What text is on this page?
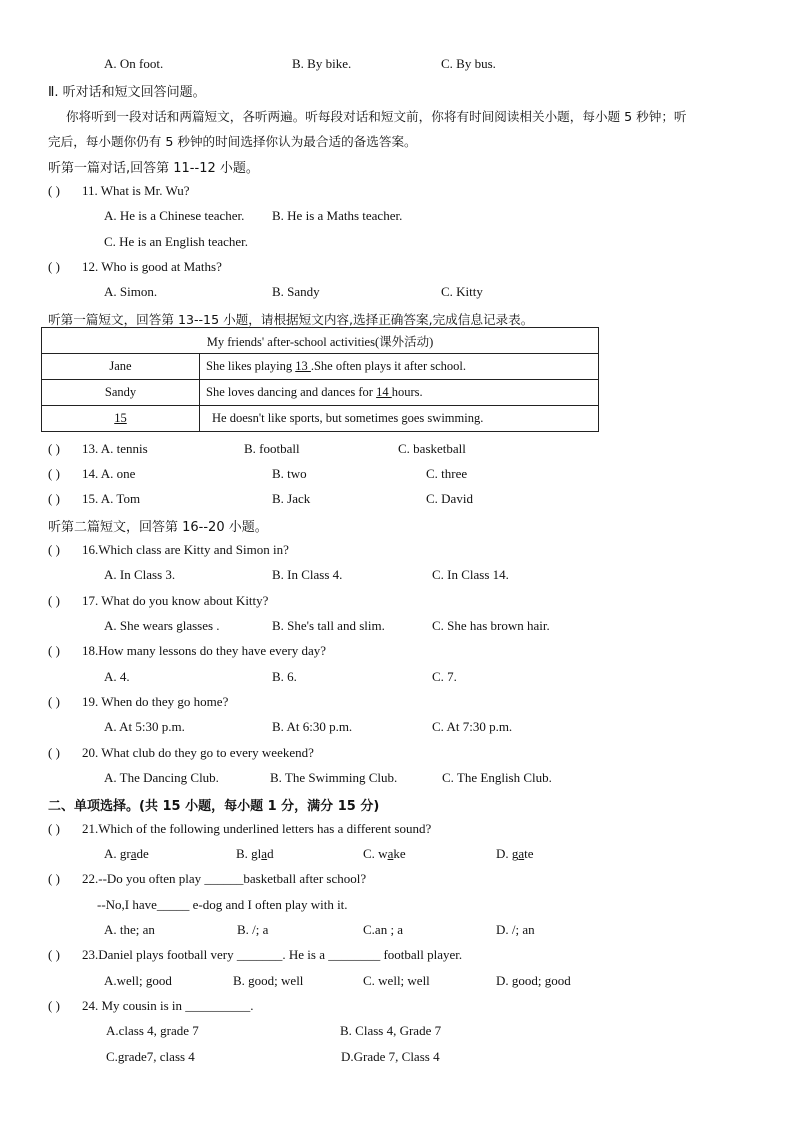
A. On foot.	B. By bike.	C. By bus.
Ⅱ. 听对话和短文回答问题。
你将听到一段对话和两篇短文，各听两遍。听每段对话和短文前，你将有时间阅读相关小题，每小题 5 秒钟；听
完后，每小题你仍有 5 秒钟的时间选择你认为最合适的备选答案。
听第一篇对话,回答第 11--12 小题。
( ) 11. What is Mr. Wu?
A. He is a Chinese teacher. B. He is a Maths teacher.
C. He is an English teacher.
( ) 12. Who is good at Maths?
A. Simon.	B. Sandy	C. Kitty
听第一篇短文，回答第 13--15 小题，请根据短文内容,选择正确答案,完成信息记录表。
My friends' after-school activities(课外活动)	
Jane	She likes playing 13 .She often plays it after school.
Sandy	She loves dancing and dances for 14 hours.
15	He doesn't like sports, but sometimes goes swimming.
( ) 13. A. tennis	B. football	C. basketball
( ) 14. A. one	B. two	C. three
( ) 15. A. Tom	B. Jack	C. David
听第二篇短文，回答第 16--20 小题。
( ) 16.Which class are Kitty and Simon in?
A. In Class 3.	B. In Class 4.	C. In Class 14.
( ) 17. What do you know about Kitty?
A. She wears glasses .	B. She's tall and slim.	C. She has brown hair.
( ) 18.How many lessons do they have every day?
A. 4.	B. 6.	C. 7.
( ) 19. When do they go home?
A. At 5:30 p.m.	B. At 6:30 p.m.	C. At 7:30 p.m.
( ) 20. What club do they go to every weekend?
A. The Dancing Club.	B. The Swimming Club.	C. The English Club.
二、单项选择。(共 15 小题，每小题 1 分，满分 15 分)
( ) 21.Which of the following underlined letters has a different sound?
A. grade	B. glad	C. wake	D. gate
( ) 22.--Do you often play ______basketball after school?
--No,I have_____ e-dog and I often play with it.
A. the; an	B. /; a	C.an ; a	D. /; an
( ) 23.Daniel plays football very _______. He is a ________ football player.
A.well; good	B. good; well	C. well; well	D. good; good
( ) 24. My cousin is in __________.
A.class 4, grade 7	B. Class 4, Grade 7
C.grade7, class 4	D.Grade 7, Class 4
